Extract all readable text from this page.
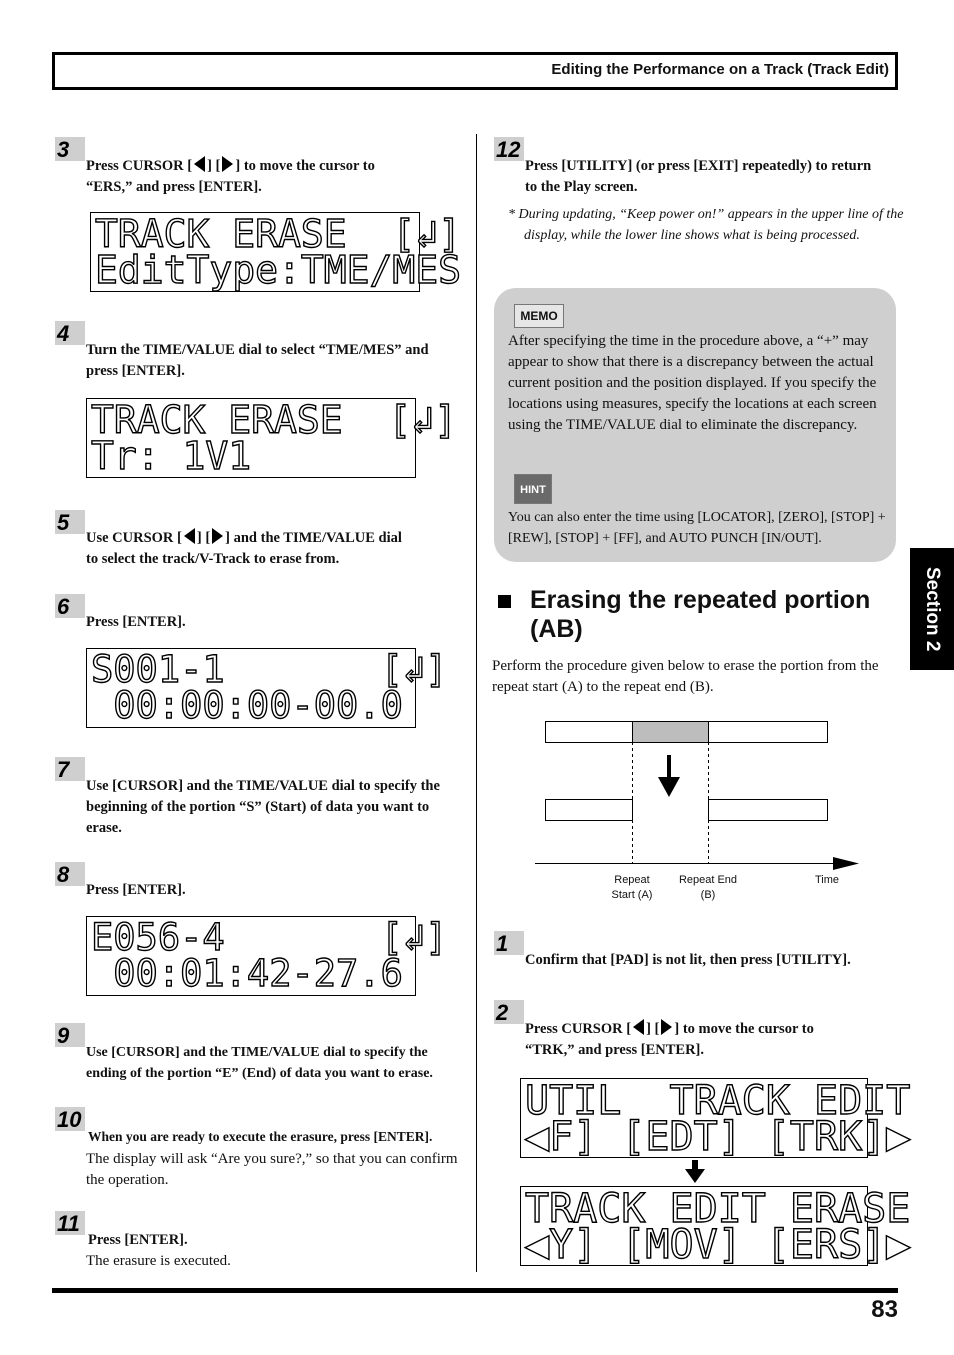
Editing the Performance on a Track (Track Edit)
Section 2
3
Press CURSOR [ ] [ ] to move the cursor to
“ERS,” and press [ENTER].
TRACK ERASE  [↲]
EditType:TME/MES
4
Turn the TIME/VALUE dial to select “TME/MES” and press [ENTER].
TRACK ERASE  [↲]
Tr: 1V1
5
Use CURSOR [ ] [ ] and the TIME/VALUE dial
to select the track/V-Track to erase from.
6
Press [ENTER].
S001-1       [↲]
00:00:00-00.0
7
Use [CURSOR] and the TIME/VALUE dial to specify the beginning of the portion “S” (Start) of data you want to erase.
8
Press [ENTER].
E056-4       [↲]
00:01:42-27.6
9
Use [CURSOR] and the TIME/VALUE dial to specify the ending of the portion “E” (End) of data you want to erase.
10
When you are ready to execute the erasure, press [ENTER].
The display will ask “Are you sure?,” so that you can confirm the operation.
11
Press [ENTER].
The erasure is executed.
12
Press [UTILITY] (or press [EXIT] repeatedly) to return to the Play screen.
* During updating, “Keep power on!” appears in the upper line of the display, while the lower line shows what is being processed.
MEMO
After specifying the time in the procedure above, a “+” may appear to show that there is a discrepancy between the actual current position and the position displayed. If you specify the locations using measures, specify the locations at each screen using the TIME/VALUE dial to eliminate the discrepancy.
HINT
You can also enter the time using [LOCATOR], [ZERO], [STOP] + [REW], [STOP] + [FF], and AUTO PUNCH [IN/OUT].
Erasing the repeated portion (AB)
Perform the procedure given below to erase the portion from the repeat start (A) to the repeat end (B).
Repeat Start (A)
Repeat End (B)
Time
1
Confirm that [PAD] is not lit, then press [UTILITY].
2
Press CURSOR [ ] [ ] to move the cursor to
“TRK,” and press [ENTER].
UTIL  TRACK EDIT
◀F] [EDT] [TRK]▶
TRACK EDIT ERASE
◀Y] [MOV] [ERS]▶
83
